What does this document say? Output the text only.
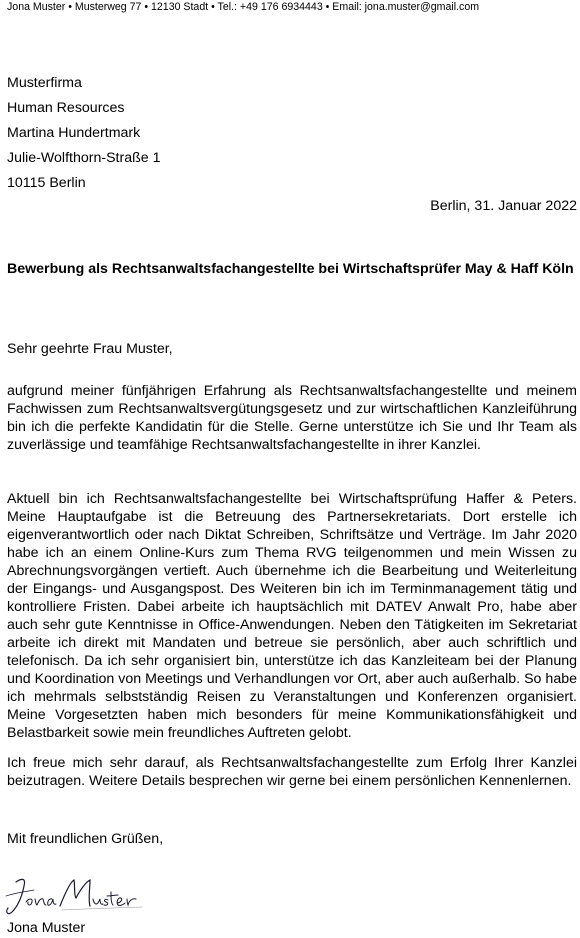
Jona Muster • Musterweg 77 • 12130 Stadt • Tel.: +49 176 6934443 • Email: jona.muster@gmail.com
Musterfirma
Human Resources
Martina Hundertmark
Julie-Wolfthorn-Straße 1
10115 Berlin
Berlin, 31. Januar 2022
Bewerbung als Rechtsanwaltsfachangestellte bei Wirtschaftsprüfer May & Haff Köln
Sehr geehrte Frau Muster,
aufgrund meiner fünfjährigen Erfahrung als Rechtsanwaltsfachangestellte und meinem Fachwissen zum Rechtsanwaltsvergütungsgesetz und zur wirtschaftlichen Kanzleiführung bin ich die perfekte Kandidatin für die Stelle. Gerne unterstütze ich Sie und Ihr Team als zuverlässige und teamfähige Rechtsanwaltsfachangestellte in ihrer Kanzlei.
Aktuell bin ich Rechtsanwaltsfachangestellte bei Wirtschaftsprüfung Haffer & Peters. Meine Hauptaufgabe ist die Betreuung des Partnersekretariats. Dort erstelle ich eigenverantwortlich oder nach Diktat Schreiben, Schriftsätze und Verträge. Im Jahr 2020 habe ich an einem Online-Kurs zum Thema RVG teilgenommen und mein Wissen zu Abrechnungsvorgängen vertieft. Auch übernehme ich die Bearbeitung und Weiterleitung der Eingangs- und Ausgangspost. Des Weiteren bin ich im Terminmanagement tätig und kontrolliere Fristen. Dabei arbeite ich hauptsächlich mit DATEV Anwalt Pro, habe aber auch sehr gute Kenntnisse in Office-Anwendungen. Neben den Tätigkeiten im Sekretariat arbeite ich direkt mit Mandaten und betreue sie persönlich, aber auch schriftlich und telefonisch. Da ich sehr organisiert bin, unterstütze ich das Kanzleiteam bei der Planung und Koordination von Meetings und Verhandlungen vor Ort, aber auch außerhalb. So habe ich mehrmals selbstständig Reisen zu Veranstaltungen und Konferenzen organisiert. Meine Vorgesetzten haben mich besonders für meine Kommunikationsfähigkeit und Belastbarkeit sowie mein freundliches Auftreten gelobt.
Ich freue mich sehr darauf, als Rechtsanwaltsfachangestellte zum Erfolg Ihrer Kanzlei beizutragen. Weitere Details besprechen wir gerne bei einem persönlichen Kennenlernen.
Mit freundlichen Grüßen,
Jona Muster
